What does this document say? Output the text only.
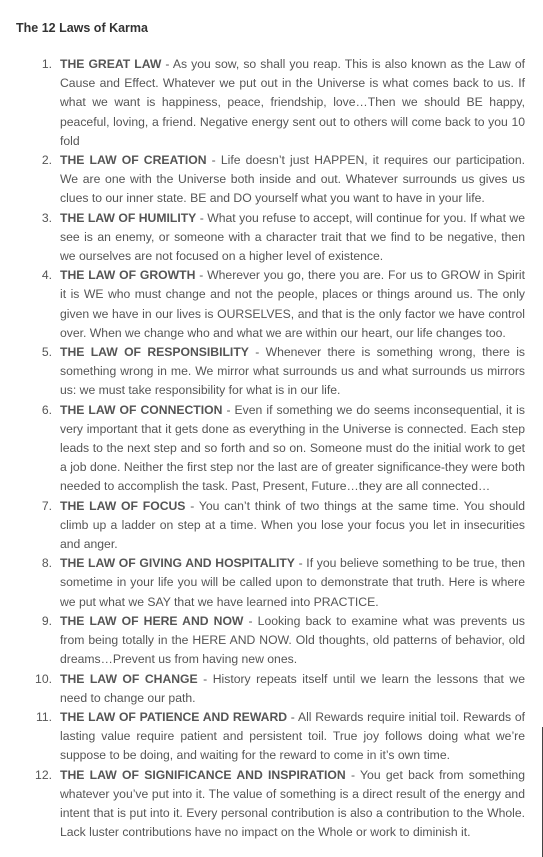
The 12 Laws of Karma
1. THE GREAT LAW - As you sow, so shall you reap. This is also known as the Law of Cause and Effect. Whatever we put out in the Universe is what comes back to us. If what we want is happiness, peace, friendship, love…Then we should BE happy, peaceful, loving, a friend. Negative energy sent out to others will come back to you 10 fold
2. THE LAW OF CREATION - Life doesn’t just HAPPEN, it requires our participation. We are one with the Universe both inside and out. Whatever surrounds us gives us clues to our inner state. BE and DO yourself what you want to have in your life.
3. THE LAW OF HUMILITY - What you refuse to accept, will continue for you. If what we see is an enemy, or someone with a character trait that we find to be negative, then we ourselves are not focused on a higher level of existence.
4. THE LAW OF GROWTH - Wherever you go, there you are. For us to GROW in Spirit it is WE who must change and not the people, places or things around us. The only given we have in our lives is OURSELVES, and that is the only factor we have control over. When we change who and what we are within our heart, our life changes too.
5. THE LAW OF RESPONSIBILITY - Whenever there is something wrong, there is something wrong in me. We mirror what surrounds us and what surrounds us mirrors us: we must take responsibility for what is in our life.
6. THE LAW OF CONNECTION - Even if something we do seems inconsequential, it is very important that it gets done as everything in the Universe is connected. Each step leads to the next step and so forth and so on. Someone must do the initial work to get a job done. Neither the first step nor the last are of greater significance-they were both needed to accomplish the task. Past, Present, Future…they are all connected…
7. THE LAW OF FOCUS - You can’t think of two things at the same time. You should climb up a ladder on step at a time. When you lose your focus you let in insecurities and anger.
8. THE LAW OF GIVING AND HOSPITALITY - If you believe something to be true, then sometime in your life you will be called upon to demonstrate that truth. Here is where we put what we SAY that we have learned into PRACTICE.
9. THE LAW OF HERE AND NOW - Looking back to examine what was prevents us from being totally in the HERE AND NOW. Old thoughts, old patterns of behavior, old dreams…Prevent us from having new ones.
10. THE LAW OF CHANGE - History repeats itself until we learn the lessons that we need to change our path.
11. THE LAW OF PATIENCE AND REWARD - All Rewards require initial toil. Rewards of lasting value require patient and persistent toil. True joy follows doing what we’re suppose to be doing, and waiting for the reward to come in it’s own time.
12. THE LAW OF SIGNIFICANCE AND INSPIRATION - You get back from something whatever you’ve put into it. The value of something is a direct result of the energy and intent that is put into it. Every personal contribution is also a contribution to the Whole. Lack luster contributions have no impact on the Whole or work to diminish it.
